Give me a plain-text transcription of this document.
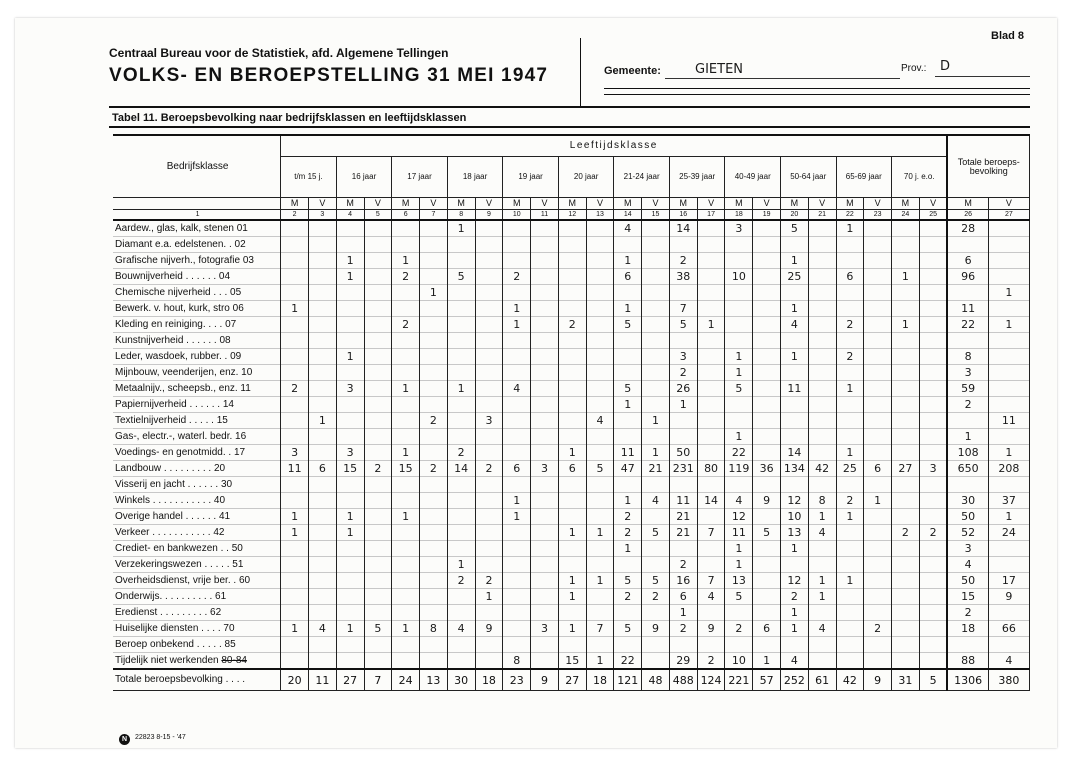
Centraal Bureau voor de Statistiek, afd. Algemene Tellingen
VOLKS- EN BEROEPSTELLING 31 MEI 1947
Blad 8
Gemeente:	GIETEN	Prov.: D
Tabel 11. Beroepsbevolking naar bedrijfsklassen en leeftijdsklassen
Bedrijfsklasse	Leeftijdsklasse																								Totale beroeps-bevolking	
	t/m 15 j.		16 jaar		17 jaar		18 jaar		19 jaar		20 jaar		21-24 jaar		25-39 jaar		40-49 jaar		50-64 jaar		65-69 jaar		70 j. e.o.			
	M	V	M	V	M	V	M	V	M	V	M	V	M	V	M	V	M	V	M	V	M	V	M	V	M	V
1	2	3	4	5	6	7	8	9	10	11	12	13	14	15	16	17	18	19	20	21	22	23	24	25	26	27
Aardew., glas, kalk, stenen 01							1						4		14		3		5		1				28	
Diamant e.a. edelstenen. . 02																										
Grafische nijverh., fotografie 03			1		1								1		2				1						6	
Bouwnijverheid . . . . . . 04			1		2		5		2				6		38		10		25		6		1		96	
Chemische nijverheid . . . 05						1																				1
Bewerk. v. hout, kurk, stro 06	1								1				1		7				1						11	
Kleding en reiniging. . . . 07					2				1		2		5		5	1			4		2		1		22	1
Kunstnijverheid . . . . . . 08																										
Leder, wasdoek, rubber. . 09			1												3		1		1		2				8	
Mijnbouw, veenderijen, enz. 10															2		1								3	
Metaalnijv., scheepsb., enz. 11	2		3		1		1		4				5		26		5		11		1				59	
Papiernijverheid . . . . . . 14													1		1										2	
Textielnijverheid . . . . . 15		1				2		3				4		1												11
Gas-, electr.-, waterl. bedr. 16																	1								1	
Voedings- en genotmidd. . 17	3		3		1		2				1		11	1	50		22		14		1				108	1
Landbouw . . . . . . . . . 20	11	6	15	2	15	2	14	2	6	3	6	5	47	21	231	80	119	36	134	42	25	6	27	3	650	208
Visserij en jacht . . . . . . 30																										
Winkels . . . . . . . . . . . 40									1				1	4	11	14	4	9	12	8	2	1			30	37
Overige handel . . . . . . 41	1		1		1				1				2		21		12		10	1	1				50	1
Verkeer . . . . . . . . . . . 42	1		1								1	1	2	5	21	7	11	5	13	4			2	2	52	24
Crediet- en bankwezen . . 50													1				1		1						3	
Verzekeringswezen . . . . . 51							1								2		1								4	
Overheidsdienst, vrije ber. . 60							2	2			1	1	5	5	16	7	13		12	1	1				50	17
Onderwijs. . . . . . . . . . 61								1			1		2	2	6	4	5		2	1					15	9
Eredienst . . . . . . . . . 62															1				1						2	
Huiselijke diensten . . . . 70	1	4	1	5	1	8	4	9		3	1	7	5	9	2	9	2	6	1	4		2			18	66
Beroep onbekend . . . . . 85																										
Tijdelijk niet werkenden 80-84									8		15	1	22		29	2	10	1	4						88	4
Totale beroepsbevolking . . . .	20	11	27	7	24	13	30	18	23	9	27	18	121	48	488	124	221	57	252	61	42	9	31	5	1306	380
N	22823 8-15 - '47
